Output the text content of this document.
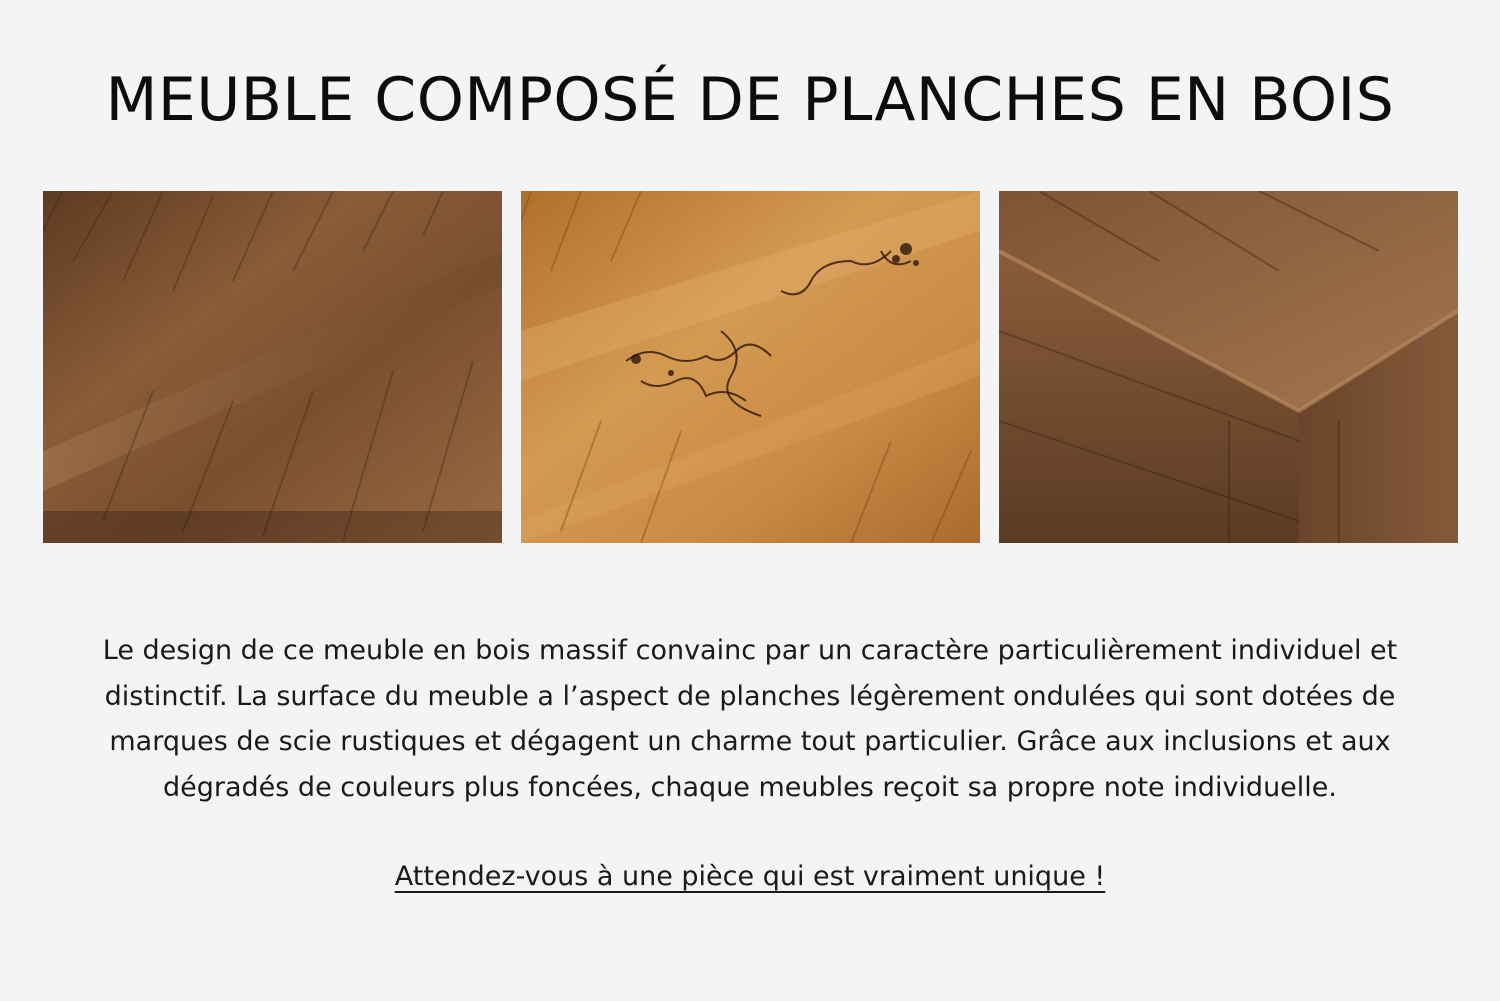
MEUBLE COMPOSÉ DE PLANCHES EN BOIS

Le design de ce meuble en bois massif convainc par un caractère particulièrement individuel et distinctif. La surface du meuble a l’aspect de planches légèrement ondulées qui sont dotées de marques de scie rustiques et dégagent un charme tout particulier. Grâce aux inclusions et aux dégradés de couleurs plus foncées, chaque meubles reçoit sa propre note individuelle.

Attendez-vous à une pièce qui est vraiment unique !
